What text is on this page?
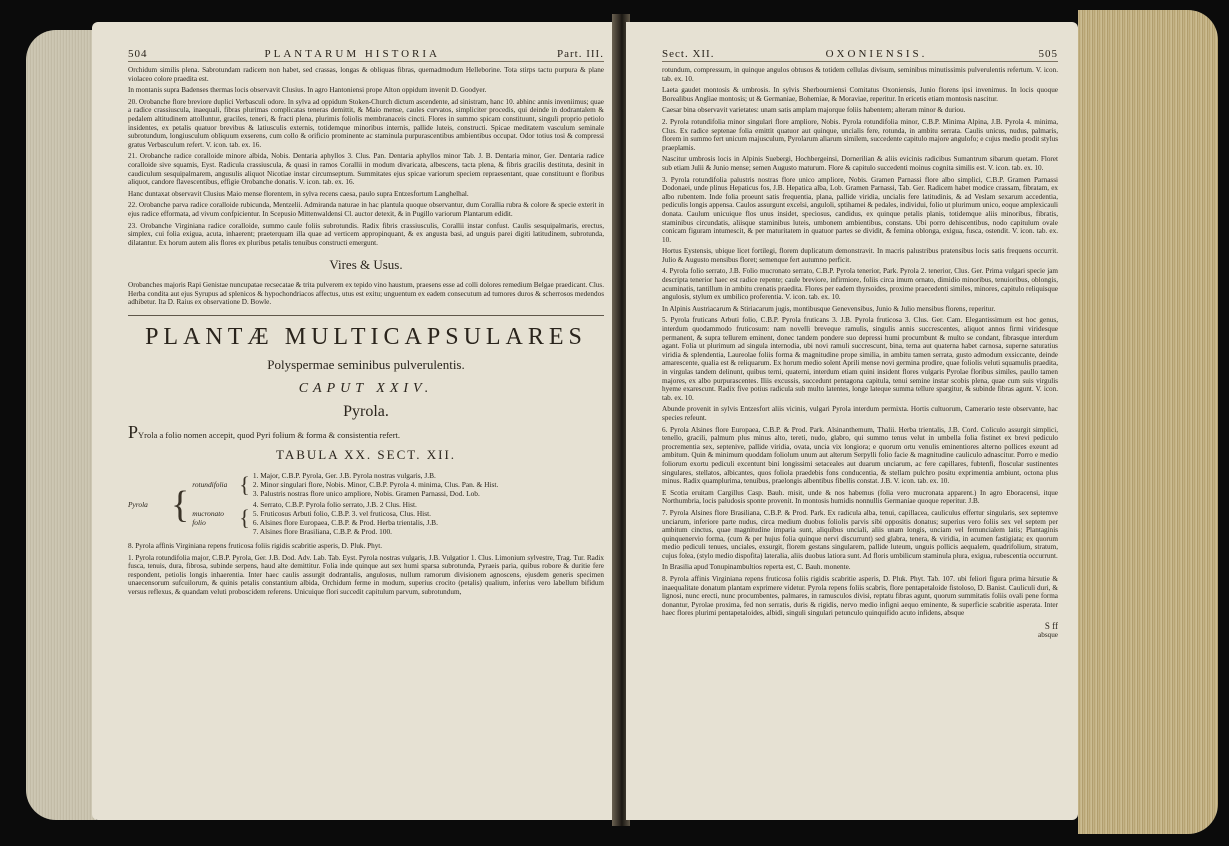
504	PLANTARUM HISTORIA	Part. III.

Orchidum similis plena. Sabrotundam radicem non habet, sed crassas, longas & obliquas fibras, quemadmodum Helleborine. Tota stirps tactu purpura & plane violaceo colore praedita est.

In montanis supra Badenses thermas locis observavit Clusius. In agro Hantoniensi prope Alton oppidum invenit D. Goodyer.

20. Orobanche flore breviore duplici Verbasculi odore. In sylva ad oppidum Stoken-Church dictum ascendente, ad sinistram, hanc 10. abhinc annis inveniimus; quae a radice crassiuscula, inaequali, fibras plurimas complicatas teneras demittit, & Maio mense, caules curvatos, simpliciter procedis, qui deinde in dodrantalem & pedalem altitudinem attolluntur, graciles, teneri, & fracti plena, plurimis foliolis membranaceis cincti. Flores in summo spicam constituunt, singuli proprio petiolo insidentes, ex petalis quatuor brevibus & latiusculis externis, totidemque minoribus internis, pallide luteis, constructi. Spicae meditatem vasculum seminale subrotundum, longiusculum obliquum exserens, cum collo & orificio prominente ac staminula purpurascentibus ambientibus occupat. Odor totius tosi & compressi gratus Verbasculum refert. V. icon. tab. ex. 16.

21. Orobanche radice coralloide minore albida, Nobis. Dentaria aphyllos 3. Clus. Pan. Dentaria aphyllos minor Tab. J. B. Dentaria minor, Ger. Dentaria radice coralloide sive squamis, Eyst. Radicula crassiuscula, & quasi in ramos Corallii in modum divaricata, albescens, tacta plena, & fibris gracilis destituta, desinit in caudiculum sesquipalmarem, angusulis aliquot Nicotiae instar circumseptum. Summitates ejus spicae variorum speciem repraesentant, quae constituunt e floribus aliquot, candore flavescentibus, effigie Orobanche donatis. V. icon. tab. ex. 16.

Hanc duntaxat observavit Clusius Maio mense florentem, in sylva recens caesa, paulo supra Entzesfortum Langhelhal.

22. Orobanche parva radice coralloide rubicunda, Mentzelii. Admiranda naturae in hac plantula quoque observantur, dum Corallia rubra & colore & specie exterit in ejus radice efformata, ad vivum confpicientur. In Scepusio Mittenwaldensi Cl. auctor detexit, & in Pugillo variorum Plantarum edidit.

23. Orobanche Virginiana radice coralloide, summo caule foliis subrotundis. Radix fibris crassiusculis, Corallii instar confust. Caulis sesquipalmaris, erectus, simplex, cui folia exigua, acuta, inhaerent; praeterquam illa quae ad verticem appropinquant, & ex angusta basi, ad unguis parei digiti latitudinem, subrotunda, dilatantur. Ex horum autem alis flores ex pluribus petalis tenuibus constructi emergunt.

Vires & Usus.

Orobanches majoris Rapi Genistae nuncupatae recsecatae & trita pulverem ex tepido vino haustum, praesens esse ad colli dolores remedium Belgae praedicant. Clus. Herba condita aut ejus Syrupus ad splenicos & hypochondriacos affectus, utus est exitu; unguentum ex eadem consecutum ad tumores duros & scherrosos medendos adhibetur. Ita D. Raius ex observatione D. Bowle.

PLANTÆ MULTICAPSULARES
Polyspermae seminibus pulverulentis.
CAPUT XXIV.
Pyrola.

PYrola a folio nomen accepit, quod Pyri folium & forma & consistentia refert.

TABULA XX. SECT. XII.
Pyrola { rotundifolia { 1. Major, C.B.P. Pyrola, Ger. J.B. Pyrola nostras vulgaris, J.B.
2. Minor singulari flore, Nobis. Minor, C.B.P. Pyrola 4. minima, Clus. Pan. & Hist.
3. Palustris nostras flore unico ampliore, Nobis. Gramen Parnassi, Dod. Lob.
mucronato folio	{
4. Serrato, C.B.P. Pyrola folio serrato, J.B. 2 Clus. Hist.
5. Fruticosus Arbuti folio, C.B.P. 3. vel fruticosa, Clus. Hist.
6. Alsines flore Europaea, C.B.P. & Prod. Herba trientalis, J.B.
7. Alsines flore Brasiliana, C.B.P. & Prod. 100.

8. Pyrola affinis Virginiana repens fruticosa foliis rigidis scabritie asperis, D. Pluk. Phyt.

1. Pyrola rotundifolia major, C.B.P. Pyrola, Ger. J.B. Dod. Adv. Lab. Tab. Eyst. Pyrola nostras vulgaris, J.B. Vulgatior 1. Clus. Limonium sylvestre, Trag. Tur. Radix fusca, tenuis, dura, fibrosa, subinde serpens, haud alte demittitur. Folia inde quinque aut sex humi sparsa subrotunda, Pyraeis paria, quibus robore & duritie fere respondent, petiolis longis inhaerentia. Inter haec caulis assurgit dodrantalis, angulosus, nullum ramorum divisionem agnoscens, ejusdem generis specimen unaecensorum sufcuilorum, & quinis petalis constantium albida, Orchidum ferme in modum, superius crocito (petalis) qualium, inferius vero labellum bifidum versus reflexus, & quandam veluti proboscidem referens. Unicuique flori succedit capitulum parvum, subrotundum,

Sect. XII.	OXONIENSIS.	505

rotundum, compressum, in quinque angulos obtusos & totidem cellulas divisum, seminibus minutissimis pulverulentis refertum. V. icon. tab. ex. 10.

Laeta gaudet montosis & umbrosis. In sylvis Sherbourniensi Comitatus Oxoniensis, Junio florens ipsi invenimus. In locis quoque Borealibus Angliae montosis; ut & Germaniae, Bohemiae, & Moraviae, reperitur. In ericetis etiam montosis nascitur.

Caesar bina observavit varietates: unam satis amplam majorque foliis habentem; alteram minor & duriou.

2. Pyrola rotundifolia minor singulari flore ampliore, Nobis. Pyrola rotundifolia minor, C.B.P. Minima Alpina, J.B. Pyrola 4. minima, Clus. Ex radice septenae folia emittit quatuor aut quinque, uncialis fere, rotunda, in ambitu serrata. Caulis unicus, nudus, palmaris, florem in summo fert unicum majusculum, Pyrolarum aliarum similem, succedente capitulo majore angulofo; e cujus medio prodit stylus praeplamis.

Nascitur umbrosis locis in Alpinis Suebergi, Hochbergeinsi, Dornerilian & aliis evicinis radicibus Sumantrum sibarum quetam. Floret sub etiam Julii & Junio mense; semen Augusto maturum. Flore & capitulo succedenti moinus cognita similis est. V. icon. tab. ex. 10.

3. Pyrola rotundifolia palustris nostras flore unico ampliore, Nobis. Gramen Parnassi flore albo simplici, C.B.P. Gramen Parnassi Dodonaei, unde plinus Hepaticus fos, J.B. Hepatica alba, Lob. Gramen Parnassi, Tab. Ger. Radicem habet modice crassam, fibratam, ex albo rubentem. Inde folia proeunt satis frequentia, plana, pallide viridia, uncialis fere latitudinis, & ad Veslam sexarum accedentia, pediculis longis appensa. Caulos assurgunt excelsi, anguloli, sptihamei & pedales, individui, folio ut plurimum unico, eoque amplexicauli donata. Caulum unicuique flos unus insidet, speciosus, candidus, ex quinque petalis planis, totidemque aliis minoribus, fibratis, staminibus circundatis, aliisque staminibus luteis, umbonem ambientibus, constans. Ubi porro dehiscentibus, nodo capitulum ovale conicam figuram intumescit, & per maturitatem in quatuor partes se dividit, & femina oblonga, exigua, fusca, ostendit. V. icon. tab. ex. 10.

Hortus Eystensis, ubique licet fortilegi, florem duplicatum demonstravit. In macris palustribus pratensibus locis satis frequens occurrit. Julio & Augusto mensibus floret; semenque fert autumno perficit.

4. Pyrola folio serrato, J.B. Folio mucronato serrato, C.B.P. Pyrola tenerior, Park. Pyrola 2. tenerior, Clus. Ger. Prima vulgari specie jam descripta tenerior haec est radice repente; caule breviore, infirmiore, foliis circa imum ornato, dimidio minoribus, tenuioribus, oblongis, acuminatis, tantillum in ambitu crenatis praedita. Flores per eadem thyrsoides, proxime praecedenti similes, minores, capitulo reliquisque angulosis, stylum ex umbilico proferentia. V. icon. tab. ex. 10.

In Alpinis Austriacarum & Stiriacarum jugis, montibusque Genevensibus, Junio & Julio mensibus florens, reperitur.

5. Pyrola fruticans Arbuti folio, C.B.P. Pyrola fruticans 3. J.B. Pyrola fruticosa 3. Clus. Ger. Cam. Elegantissimum est hoc genus, interdum quodammodo fruticosum: nam novelli breveque ramulis, singulis annis succrescentes, aliquot annos firmi viridesque permanent, & supra tellurem eminent, donec tandem pondere suo depressi humi procumbunt & multo se condant, fibrasque interdum agant. Folia ut plurimum ad singula internodia, ubi novi ramuli succrescunt, bina, terna aut quaterna habet carnosa, superne saturatius viridia & splendentia, Laureolae foliis forma & magnitudine prope similia, in ambitu tamen serrata, gusto admodum exsiccante, deinde amarescente, qualia est & reliquarum. Ex horum medio solent Aprili mense novi germina prodire, quae foliolis veluti squamulis praedita, in virgulas tandem delinunt, quibus terni, quaterni, interdum etiam quini insident flores vulgaris Pyrolae floribus similes, paullo tamen majores, ex albo purpurascentes. Iliis excussis, succedunt pentagona capitula, tenui semine instar scobis plena, quae cum suis virgulis hyeme exarescunt. Radix five potius radicula sub multo latentes, longe lateque summa tellure spargitur, & subinde fibras agunt. V. icon. tab. ex. 10.

Abunde provenit in sylvis Entzesfort aliis vicinis, vulgari Pyrola interdum permixta. Hortis cultuorum, Camerario teste observante, hac species refeunt.

6. Pyrola Alsines flore Europaea, C.B.P. & Prod. Park. Alsinanthemum, Thalii. Herba trientalis, J.B. Cord. Coliculo assurgit simplici, tenello, gracili, palmum plus minus alto, tereti, nudo, glabro, qui summo tenus velut in umbella folia fistinet ex brevi pediculo procrementia sex, septenive, pallide viridia, ovata, uncia vix longiora; e quorum ortu venulis eminentiores alterno pollices exeunt ad ambitum. Quin & minimum quoddam foliolum unum aut alterum Serpylli folio facie & magnitudine cauliculo adnascitur. Porro e medio foliorum exortu pediculi excentunt bini longissimi setaceales aut duarum unciarum, ac fere capillares, fubtenfi, floscular sustinentes singulares, stellatos, albicantes, quos foliola praedebis fons conducentia, & stellam pulchro positu exprimentia ambiunt, octona plus minus. Radix quamplurima, tenuibus, praelongis albentibus fibellis constat. J.B. V. icon. tab. ex. 10.

E Scotia eruitam Cargillus Casp. Bauh. misit, unde & nos habemus (folia vero mucronata apparent.) In agro Eboracensi, itque Northumbria, locis paludosis sponte provenit. In montosis humidis nonnullis Germaniae quoque reperitur. J.B.

7. Pyrola Alsines flore Brasiliana, C.B.P. & Prod. Park. Ex radicula alba, tenui, capillacea, cauliculus effertur singularis, sex septemve unciarum, inferiore parte nudus, circa medium duobus foliolis parvis sibi oppositis donatus; superius vero foliis sex vel septem per ambitum cinctus, quae magnitudine imparia sunt, aliquibus unciali, aliis unam longis, unciam vel femuncialem latis; Plantaginis quinquenervio forma, (cum & per hujus folia quinque nervi discurrunt) sed glabra, tenera, & viridia, in acumen fastigiata; ex quorum medio pediculi tenues, unciales, exsurgit, florem gestans singularem, pallide luteum, unguis pollicis aequalem, quadrifolium, stratum, cujus folea, (stylo medio dispofita) lateralia, aliis duobus latiora sunt. Ad floris umbilicum staminula plura, exigua, rubescentia occurrunt.

In Brasilia apud Tonupinambultios reperta est, C. Bauh. monente.

8. Pyrola affinis Virginiana repens fruticosa foliis rigidis scabritie asperis, D. Pluk. Phyt. Tab. 107. ubi feliori figura prima hirsutie & inaequalitate donatum plantam exprimere videtur. Pyrola repens foliis scabris, flore pentapetaloide fistoloso, D. Banist. Cauliculi duri, & lignosi, nunc erecti, nunc procumbentes, palmares, in ramusculos divisi, reptatu fibras agunt, quorum summitatis foliis ovali pene forma donantur, Pyrolae proxima, fed non serratis, duris & rigidis, nervo medio infigni aequo eminente, & superficie scabritie asperata. Inter haec flores plurimi pentapetaloides, albidi, singuli singulari petunculo quinquifido acuto infidens, absque

S ff
absque
